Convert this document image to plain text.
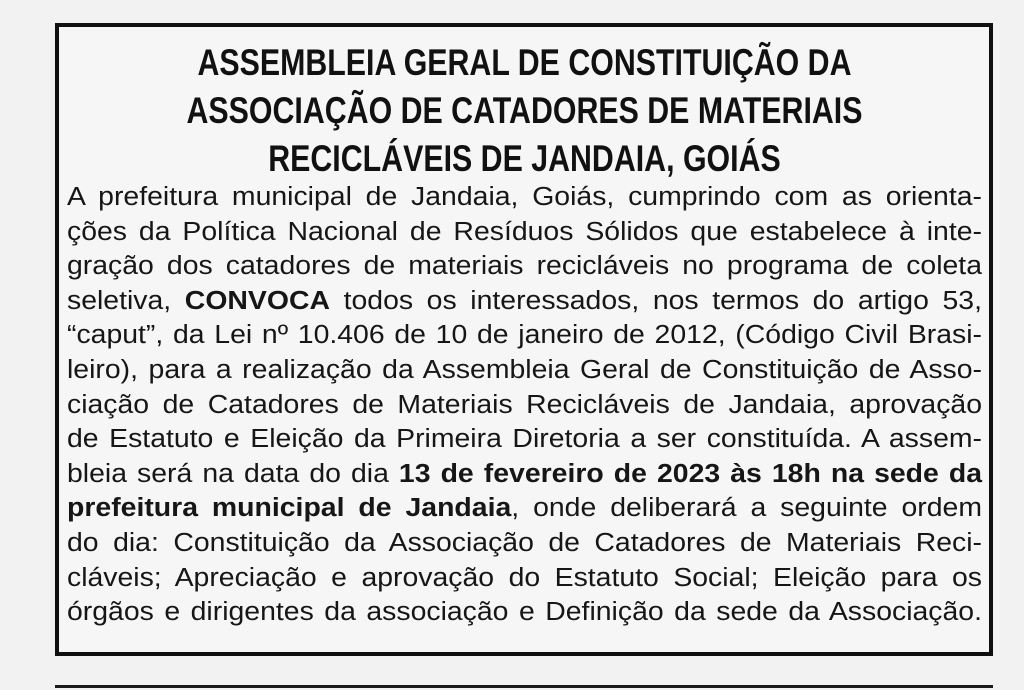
ASSEMBLEIA GERAL DE CONSTITUIÇÃO DA
ASSOCIAÇÃO DE CATADORES DE MATERIAIS
RECICLÁVEIS DE JANDAIA, GOIÁS
A prefeitura municipal de Jandaia, Goiás, cumprindo com as orienta-
ções da Política Nacional de Resíduos Sólidos que estabelece à inte-
gração dos catadores de materiais recicláveis no programa de coleta
seletiva, CONVOCA todos os interessados, nos termos do artigo 53,
“caput”, da Lei nº 10.406 de 10 de janeiro de 2012, (Código Civil Brasi-
leiro), para a realização da Assembleia Geral de Constituição de Asso-
ciação de Catadores de Materiais Recicláveis de Jandaia, aprovação
de Estatuto e Eleição da Primeira Diretoria a ser constituída. A assem-
bleia será na data do dia 13 de fevereiro de 2023 às 18h na sede da
prefeitura municipal de Jandaia, onde deliberará a seguinte ordem
do dia: Constituição da Associação de Catadores de Materiais Reci-
cláveis; Apreciação e aprovação do Estatuto Social; Eleição para os
órgãos e dirigentes da associação e Definição da sede da Associação.
